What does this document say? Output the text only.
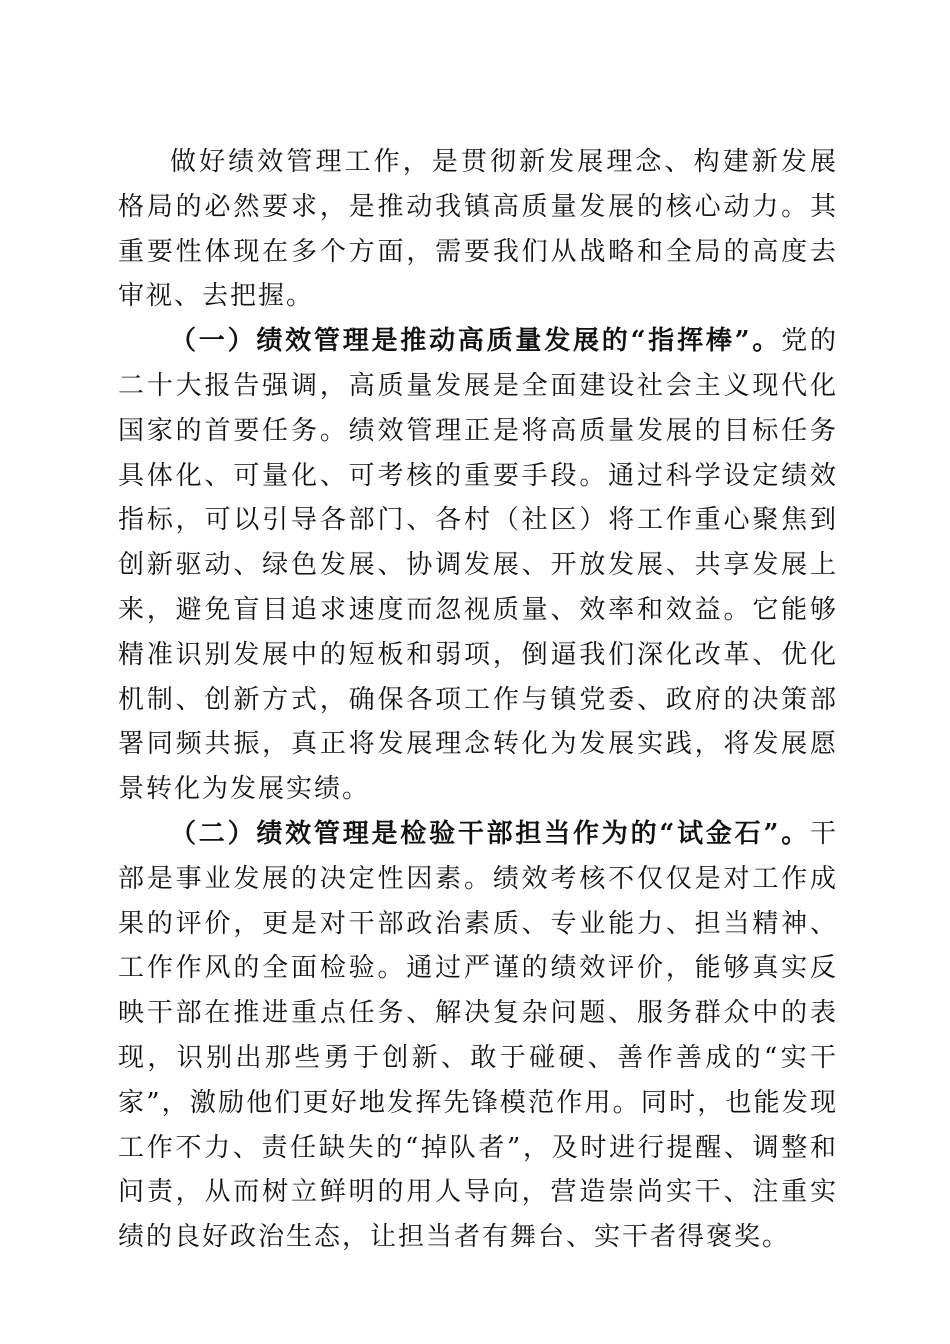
做好绩效管理工作，是贯彻新发展理念、构建新发展格局的必然要求，是推动我镇高质量发展的核心动力。其重要性体现在多个方面，需要我们从战略和全局的高度去审视、去把握。

（一）绩效管理是推动高质量发展的“指挥棒”。党的二十大报告强调，高质量发展是全面建设社会主义现代化国家的首要任务。绩效管理正是将高质量发展的目标任务具体化、可量化、可考核的重要手段。通过科学设定绩效指标，可以引导各部门、各村（社区）将工作重心聚焦到创新驱动、绿色发展、协调发展、开放发展、共享发展上来，避免盲目追求速度而忽视质量、效率和效益。它能够精准识别发展中的短板和弱项，倒逼我们深化改革、优化机制、创新方式，确保各项工作与镇党委、政府的决策部署同频共振，真正将发展理念转化为发展实践，将发展愿景转化为发展实绩。

（二）绩效管理是检验干部担当作为的“试金石”。干部是事业发展的决定性因素。绩效考核不仅仅是对工作成果的评价，更是对干部政治素质、专业能力、担当精神、工作作风的全面检验。通过严谨的绩效评价，能够真实反映干部在推进重点任务、解决复杂问题、服务群众中的表现，识别出那些勇于创新、敢于碰硬、善作善成的“实干家”，激励他们更好地发挥先锋模范作用。同时，也能发现工作不力、责任缺失的“掉队者”，及时进行提醒、调整和问责，从而树立鲜明的用人导向，营造崇尚实干、注重实绩的良好政治生态，让担当者有舞台、实干者得褒奖。
